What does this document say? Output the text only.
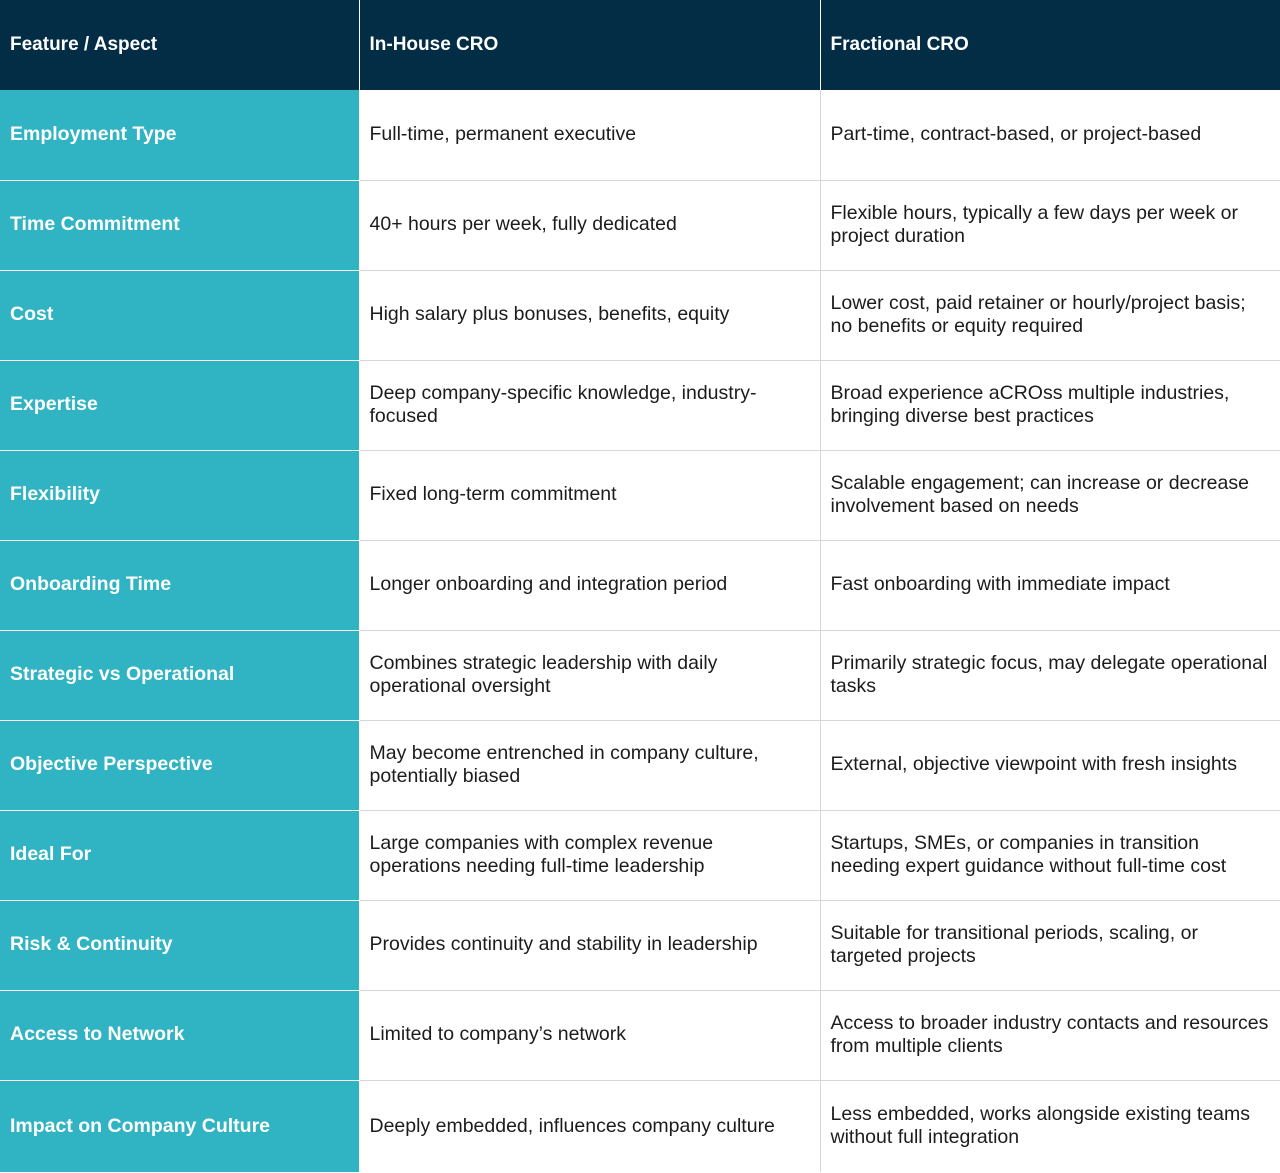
Feature / Aspect	In-House CRO	Fractional CRO
Employment Type	Full-time, permanent executive	Part-time, contract-based, or project-based
Time Commitment	40+ hours per week, fully dedicated	Flexible hours, typically a few days per week or project duration
Cost	High salary plus bonuses, benefits, equity	Lower cost, paid retainer or hourly/project basis; no benefits or equity required
Expertise	Deep company-specific knowledge, industry-focused	Broad experience aCROss multiple industries, bringing diverse best practices
Flexibility	Fixed long-term commitment	Scalable engagement; can increase or decrease involvement based on needs
Onboarding Time	Longer onboarding and integration period	Fast onboarding with immediate impact
Strategic vs Operational	Combines strategic leadership with daily operational oversight	Primarily strategic focus, may delegate operational tasks
Objective Perspective	May become entrenched in company culture, potentially biased	External, objective viewpoint with fresh insights
Ideal For	Large companies with complex revenue operations needing full-time leadership	Startups, SMEs, or companies in transition needing expert guidance without full-time cost
Risk & Continuity	Provides continuity and stability in leadership	Suitable for transitional periods, scaling, or targeted projects
Access to Network	Limited to company’s network	Access to broader industry contacts and resources from multiple clients
Impact on Company Culture	Deeply embedded, influences company culture	Less embedded, works alongside existing teams without full integration
